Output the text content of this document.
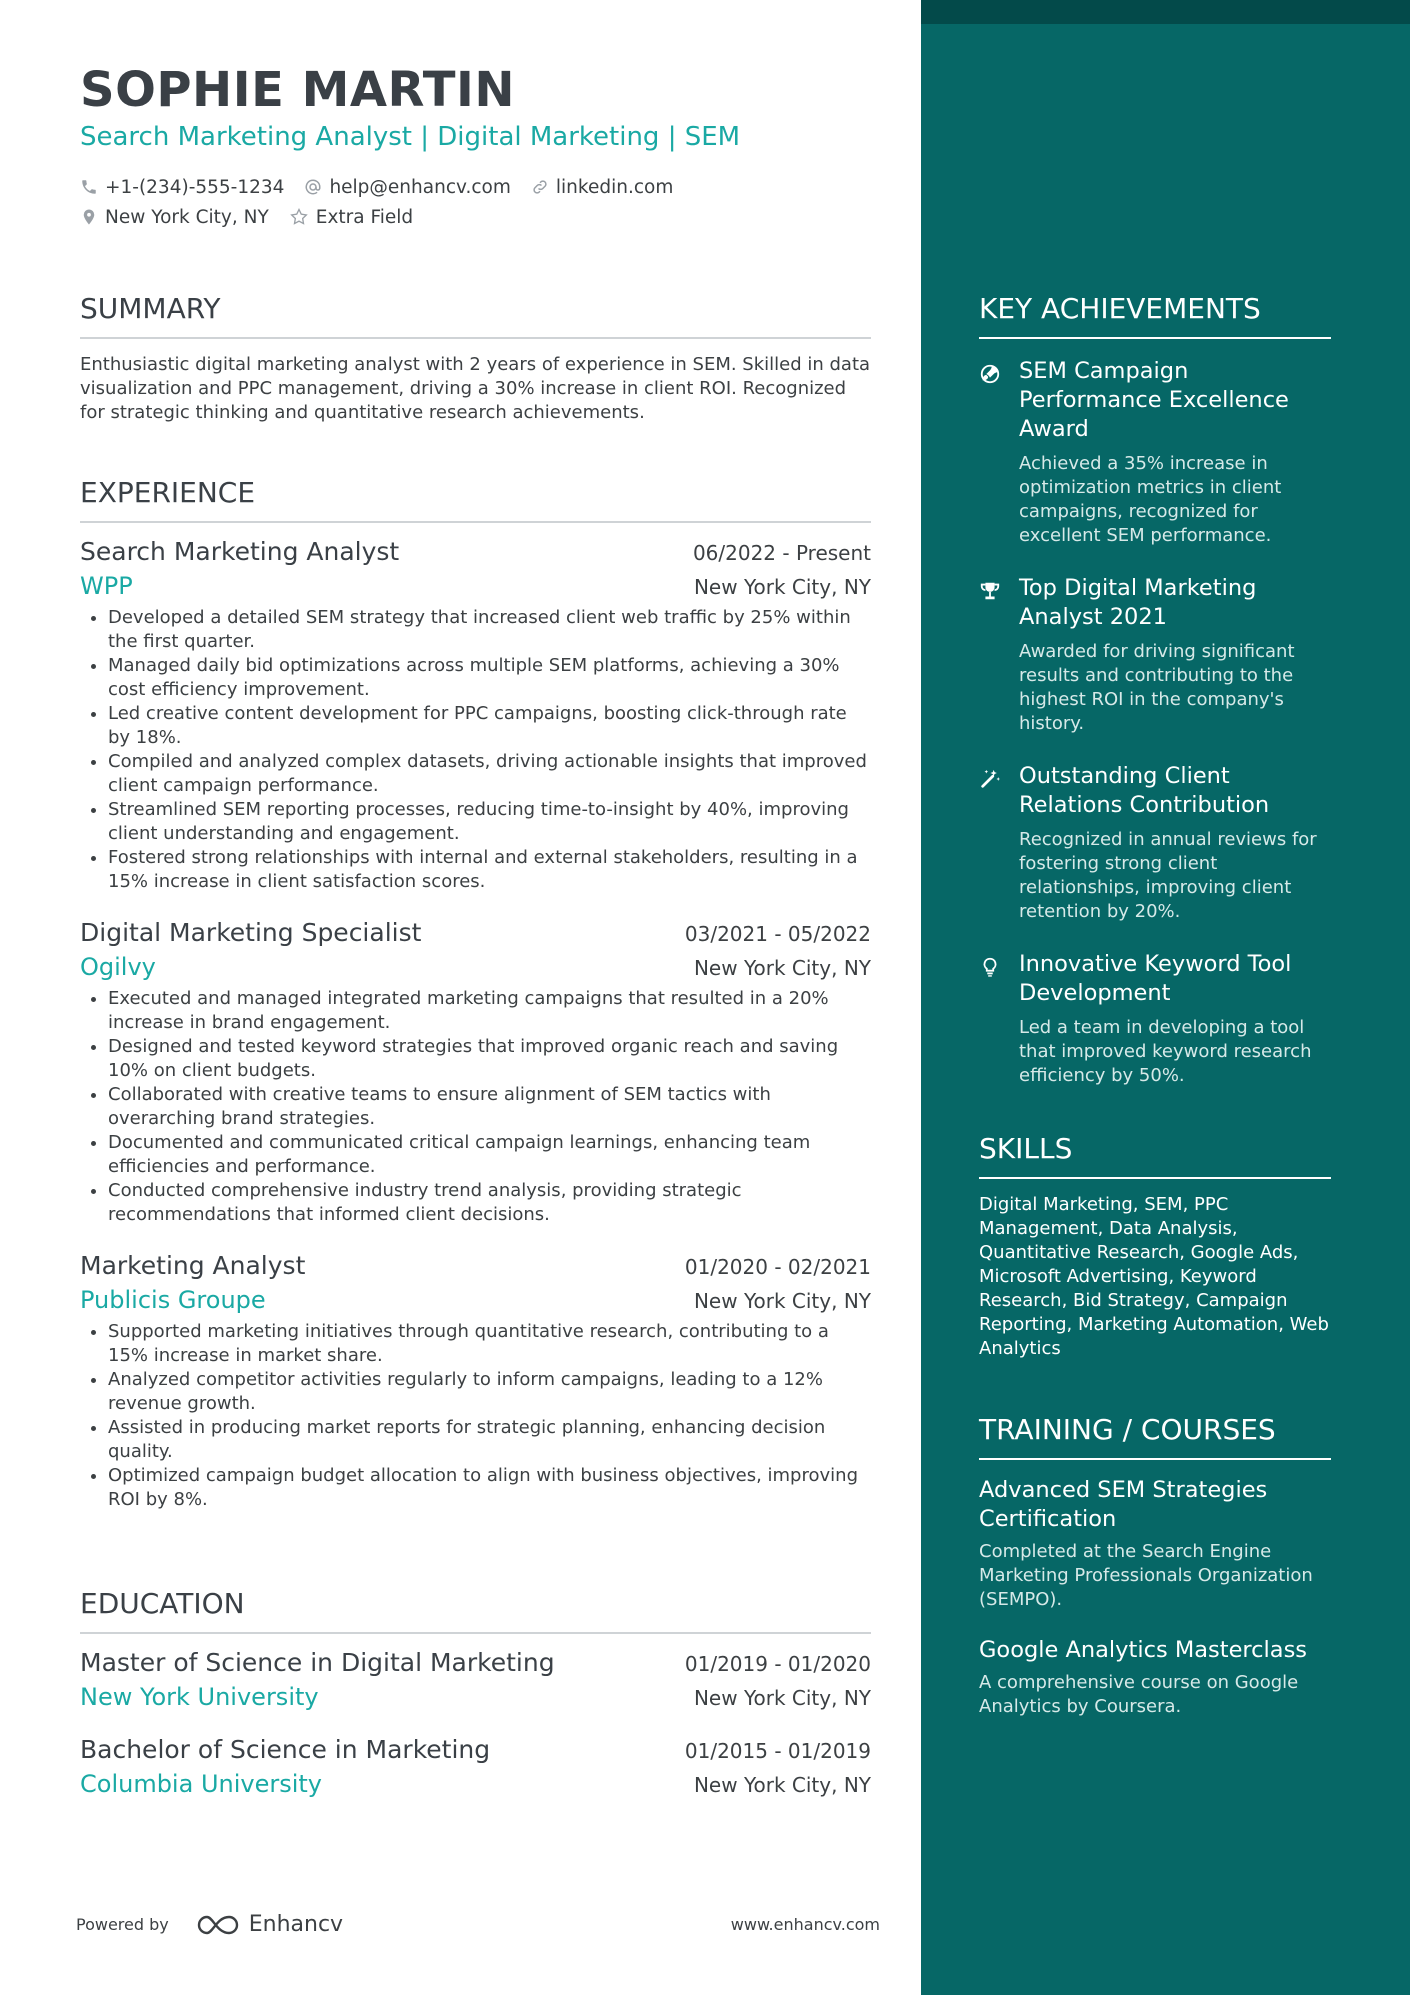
SOPHIE MARTIN
Search Marketing Analyst | Digital Marketing | SEM
+1-(234)-555-1234 help@enhancv.com linkedin.com
New York City, NY	Extra Field
SUMMARY
Enthusiastic digital marketing analyst with 2 years of experience in SEM. Skilled in data visualization and PPC management, driving a 30% increase in client ROI. Recognized for strategic thinking and quantitative research achievements.
EXPERIENCE
Search Marketing Analyst	06/2022 - Present
WPP	New York City, NY
• Developed a detailed SEM strategy that increased client web traffic by 25% within the first quarter.
• Managed daily bid optimizations across multiple SEM platforms, achieving a 30% cost efficiency improvement.
• Led creative content development for PPC campaigns, boosting click-through rate by 18%.
• Compiled and analyzed complex datasets, driving actionable insights that improved client campaign performance.
• Streamlined SEM reporting processes, reducing time-to-insight by 40%, improving client understanding and engagement.
• Fostered strong relationships with internal and external stakeholders, resulting in a 15% increase in client satisfaction scores.
Digital Marketing Specialist	03/2021 - 05/2022
Ogilvy	New York City, NY
• Executed and managed integrated marketing campaigns that resulted in a 20% increase in brand engagement.
• Designed and tested keyword strategies that improved organic reach and saving 10% on client budgets.
• Collaborated with creative teams to ensure alignment of SEM tactics with overarching brand strategies.
• Documented and communicated critical campaign learnings, enhancing team efficiencies and performance.
• Conducted comprehensive industry trend analysis, providing strategic recommendations that informed client decisions.
Marketing Analyst	01/2020 - 02/2021
Publicis Groupe	New York City, NY
• Supported marketing initiatives through quantitative research, contributing to a 15% increase in market share.
• Analyzed competitor activities regularly to inform campaigns, leading to a 12% revenue growth.
• Assisted in producing market reports for strategic planning, enhancing decision quality.
• Optimized campaign budget allocation to align with business objectives, improving ROI by 8%.
EDUCATION
Master of Science in Digital Marketing	01/2019 - 01/2020
New York University	New York City, NY
Bachelor of Science in Marketing	01/2015 - 01/2019
Columbia University	New York City, NY
KEY ACHIEVEMENTS
SEM Campaign Performance Excellence Award
Achieved a 35% increase in optimization metrics in client campaigns, recognized for excellent SEM performance.
Top Digital Marketing Analyst 2021
Awarded for driving significant results and contributing to the highest ROI in the company's history.
Outstanding Client Relations Contribution
Recognized in annual reviews for fostering strong client relationships, improving client retention by 20%.
Innovative Keyword Tool Development
Led a team in developing a tool that improved keyword research efficiency by 50%.
SKILLS
Digital Marketing, SEM, PPC Management, Data Analysis, Quantitative Research, Google Ads, Microsoft Advertising, Keyword Research, Bid Strategy, Campaign Reporting, Marketing Automation, Web Analytics
TRAINING / COURSES
Advanced SEM Strategies Certification
Completed at the Search Engine Marketing Professionals Organization (SEMPO).
Google Analytics Masterclass
A comprehensive course on Google Analytics by Coursera.
Powered by	Enhancv	www.enhancv.com
